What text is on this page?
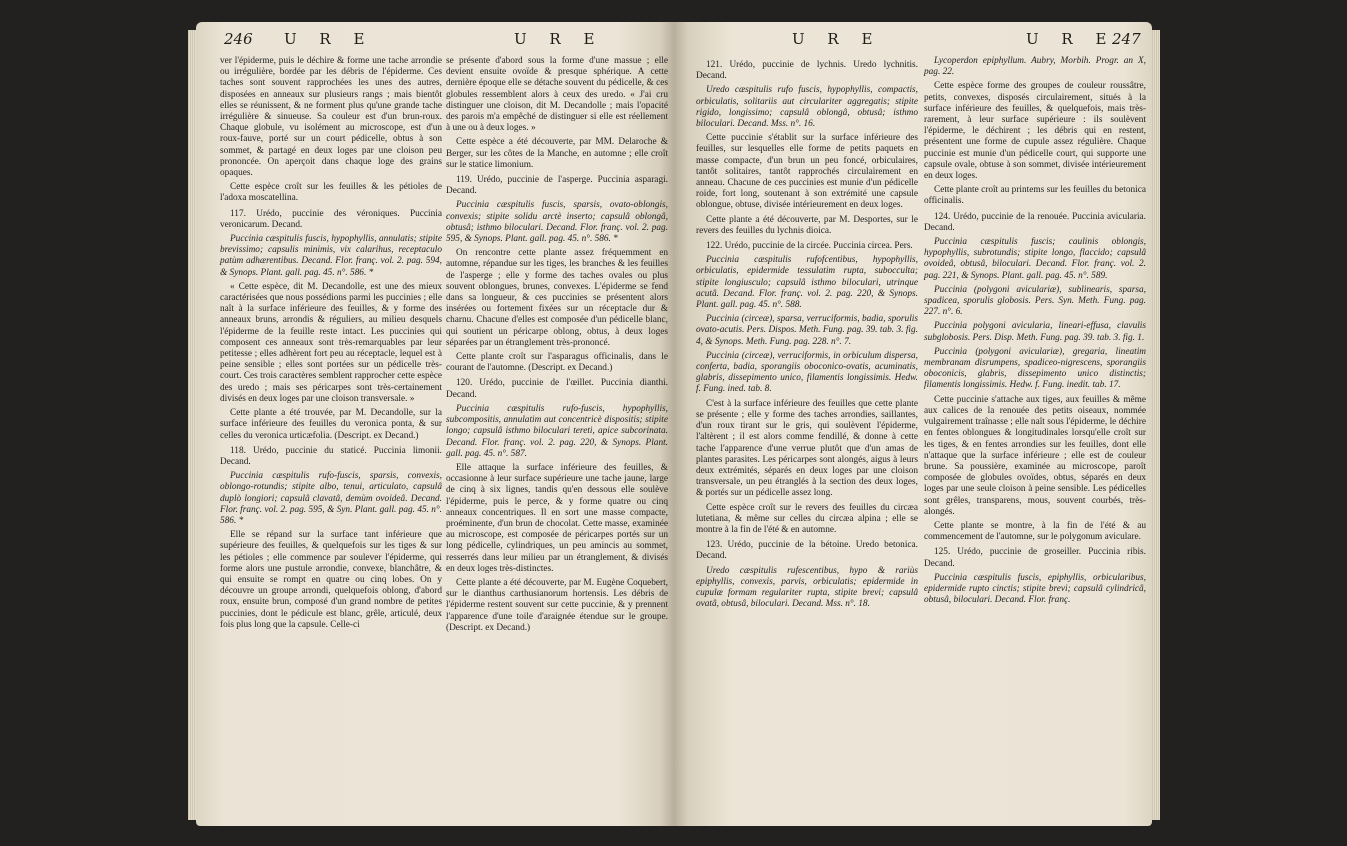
246 U R E	U R E

ver l'épiderme, puis le déchire & forme une tache arrondie ou irrégulière, bordée par les débris de l'épiderme. Ces taches sont souvent rapprochées les unes des autres, disposées en anneaux sur plusieurs rangs ; mais bientôt elles se réunissent, & ne forment plus qu'une grande tache irrégulière & sinueuse. Sa couleur est d'un brun-roux. Chaque globule, vu isolément au microscope, est d'un roux-fauve, porté sur un court pédicelle, obtus à son sommet, & partagé en deux loges par une cloison peu prononcée. On aperçoit dans chaque loge des grains opaques.

Cette espèce croît sur les feuilles & les pétioles de l'adoxa moscatellina.

117. Urédo, puccinie des véroniques. Puccinia veronicarum. Decand.

Puccinia cæspitulis fuscis, hypophyllis, annulatis; stipite brevissimo; capsulis minimis, vix calarihus, receptaculo patùm adhærentibus. Decand. Flor. franç. vol. 2. pag. 594, & Synops. Plant. gall. pag. 45. n°. 586. *

« Cette espèce, dit M. Decandolle, est une des mieux caractérisées que nous possédions parmi les puccinies ; elle naît à la surface inférieure des feuilles, & y forme des anneaux bruns, arrondis & réguliers, au milieu desquels l'épiderme de la feuille reste intact. Les puccinies qui composent ces anneaux sont très-remarquables par leur petitesse ; elles adhèrent fort peu au réceptacle, lequel est à peine sensible ; elles sont portées sur un pédicelle très-court. Ces trois caractères semblent rapprocher cette espèce des uredo ; mais ses péricarpes sont très-certainement divisés en deux loges par une cloison transversale. »

Cette plante a été trouvée, par M. Decandolle, sur la surface inférieure des feuilles du veronica ponta, & sur celles du veronica urticæfolia. (Descript. ex Decand.)

118. Urédo, puccinie du staticé. Puccinia limonii. Decand.

Puccinia cæspitulis rufo-fuscis, sparsis, convexis, oblongo-rotundis; stipite albo, tenui, articulato, capsulâ duplò longiori; capsulâ clavatâ, demùm ovoideâ. Decand. Flor. franç. vol. 2. pag. 595, & Syn. Plant. gall. pag. 45. n°. 586. *

Elle se répand sur la surface tant inférieure que supérieure des feuilles, & quelquefois sur les tiges & sur les pétioles ; elle commence par soulever l'épiderme, qui forme alors une pustule arrondie, convexe, blanchâtre, & qui ensuite se rompt en quatre ou cinq lobes. On y découvre un groupe arrondi, quelquefois oblong, d'abord roux, ensuite brun, composé d'un grand nombre de petites puccinies, dont le pédicule est blanc, grêle, articulé, deux fois plus long que la capsule. Celle-ci

se présente d'abord sous la forme d'une massue ; elle devient ensuite ovoïde & presque sphérique. A cette dernière époque elle se détache souvent du pédicelle, & ces globules ressemblent alors à ceux des uredo. « J'ai cru distinguer une cloison, dit M. Decandolle ; mais l'opacité des parois m'a empêché de distinguer si elle est réellement à une ou à deux loges. »

Cette espèce a été découverte, par MM. Delaroche & Berger, sur les côtes de la Manche, en automne ; elle croît sur le statice limonium.

119. Urédo, puccinie de l'asperge. Puccinia asparagi. Decand.

Puccinia cæspitulis fuscis, sparsis, ovato-oblongis, convexis; stipite solidu arctè inserto; capsulâ oblongâ, obtusâ; isthmo biloculari. Decand. Flor. franç. vol. 2. pag. 595, & Synops. Plant. gall. pag. 45. n°. 586. *

On rencontre cette plante assez fréquemment en automne, répandue sur les tiges, les branches & les feuilles de l'asperge ; elle y forme des taches ovales ou plus souvent oblongues, brunes, convexes. L'épiderme se fend dans sa longueur, & ces puccinies se présentent alors insérées ou fortement fixées sur un réceptacle dur & charnu. Chacune d'elles est composée d'un pédicelle blanc, qui soutient un péricarpe oblong, obtus, à deux loges séparées par un étranglement très-prononcé.

Cette plante croît sur l'asparagus officinalis, dans le courant de l'automne. (Descript. ex Decand.)

120. Urédo, puccinie de l'œillet. Puccinia dianthi. Decand.

Puccinia cæspitulis rufo-fuscis, hypophyllis, subcompositis, annulatim aut concentricè dispositis; stipite longo; capsulâ isthmo biloculari tereti, apice subcorinata. Decand. Flor. franç. vol. 2. pag. 220, & Synops. Plant. gall. pag. 45. n°. 587.

Elle attaque la surface inférieure des feuilles, & occasionne à leur surface supérieure une tache jaune, large de cinq à six lignes, tandis qu'en dessous elle soulève l'épiderme, puis le perce, & y forme quatre ou cinq anneaux concentriques. Il en sort une masse compacte, proéminente, d'un brun de chocolat. Cette masse, examinée au microscope, est composée de péricarpes portés sur un long pédicelle, cylindriques, un peu amincis au sommet, resserrés dans leur milieu par un étranglement, & divisés en deux loges très-distinctes.

Cette plante a été découverte, par M. Eugène Coquebert, sur le dianthus carthusianorum hortensis. Les débris de l'épiderme restent souvent sur cette puccinie, & y prennent l'apparence d'une toile d'araignée étendue sur le groupe. (Descript. ex Decand.)

U R E	U R E
247

121. Urédo, puccinie de lychnis. Uredo lychnitis. Decand.

Uredo cæspitulis rufo fuscis, hypophyllis, compactis, orbiculatis, solitariis aut circulariter aggregatis; stipite rigido, longissimo; capsulâ oblongâ, obtusâ; isthmo biloculari. Decand. Mss. n°. 16.

Cette puccinie s'établit sur la surface inférieure des feuilles, sur lesquelles elle forme de petits paquets en masse compacte, d'un brun un peu foncé, orbiculaires, tantôt solitaires, tantôt rapprochés circulairement en anneau. Chacune de ces puccinies est munie d'un pédicelle roide, fort long, soutenant à son extrémité une capsule oblongue, obtuse, divisée intérieurement en deux loges.

Cette plante a été découverte, par M. Desportes, sur le revers des feuilles du lychnis dioica.

122. Urédo, puccinie de la circée. Puccinia circea. Pers.

Puccinia cæspitulis rufofcentibus, hypophyllis, orbiculatis, epidermide tessulatim rupta, subocculta; stipite longiusculo; capsulâ isthmo biloculari, utrinque acutâ. Decand. Flor. franç. vol. 2. pag. 220, & Synops. Plant. gall. pag. 45. n°. 588.

Puccinia (circeæ), sparsa, verruciformis, badia, sporulis ovato-acutis. Pers. Dispos. Meth. Fung. pag. 39. tab. 3. fig. 4, & Synops. Meth. Fung. pag. 228. n°. 7.

Puccinia (circeæ), verruciformis, in orbiculum dispersa, conferta, badia, sporangiis oboconico-ovatis, acuminatis, glabris, dissepimento unico, filamentis longissimis. Hedw. f. Fung. ined. tab. 8.

C'est à la surface inférieure des feuilles que cette plante se présente ; elle y forme des taches arrondies, saillantes, d'un roux tirant sur le gris, qui soulèvent l'épiderme, l'altèrent ; il est alors comme fendillé, & donne à cette tache l'apparence d'une verrue plutôt que d'un amas de plantes parasites. Les péricarpes sont alongés, aigus à leurs deux extrémités, séparés en deux loges par une cloison transversale, un peu étranglés à la section des deux loges, & portés sur un pédicelle assez long.

Cette espèce croît sur le revers des feuilles du circæa lutetiana, & même sur celles du circæa alpina ; elle se montre à la fin de l'été & en automne.

123. Urédo, puccinie de la bétoine. Uredo betonica. Decand.

Uredo cæspitulis rufescentibus, hypo & rariùs epiphyllis, convexis, parvis, orbiculatis; epidermide in cupulæ formam regulariter rupta, stipite brevi; capsulâ ovatâ, obtusâ, biloculari. Decand. Mss. n°. 18.

Lycoperdon epiphyllum. Aubry, Morbih. Progr. an X, pag. 22.

Cette espèce forme des groupes de couleur roussâtre, petits, convexes, disposés circulairement, situés à la surface inférieure des feuilles, & quelquefois, mais très-rarement, à leur surface supérieure : ils soulèvent l'épiderme, le déchirent ; les débris qui en restent, présentent une forme de cupule assez régulière. Chaque puccinie est munie d'un pédicelle court, qui supporte une capsule ovale, obtuse à son sommet, divisée intérieurement en deux loges.

Cette plante croît au printems sur les feuilles du betonica officinalis.

124. Urédo, puccinie de la renouée. Puccinia avicularia. Decand.

Puccinia cæspitulis fuscis; caulinis oblongis, hypophyllis, subrotundis; stipite longo, flaccido; capsulâ ovoideâ, obtusâ, biloculari. Decand. Flor. franç. vol. 2. pag. 221, & Synops. Plant. gall. pag. 45. n°. 589.

Puccinia (polygoni aviculariæ), sublinearis, sparsa, spadicea, sporulis globosis. Pers. Syn. Meth. Fung. pag. 227. n°. 6.

Puccinia polygoni avicularia, lineari-effusa, clavulis subglobosis. Pers. Disp. Meth. Fung. pag. 39. tab. 3. fig. 1.

Puccinia (polygoni aviculariæ), gregaria, lineatim membranam disrumpens, spadiceo-nigrescens, sporangiis oboconicis, glabris, dissepimento unico distinctis; filamentis longissimis. Hedw. f. Fung. inedit. tab. 17.

Cette puccinie s'attache aux tiges, aux feuilles & même aux calices de la renouée des petits oiseaux, nommée vulgairement traînasse ; elle naît sous l'épiderme, le déchire en fentes oblongues & longitudinales lorsqu'elle croît sur les tiges, & en fentes arrondies sur les feuilles, dont elle n'attaque que la surface inférieure ; elle est de couleur brune. Sa poussière, examinée au microscope, paroît composée de globules ovoïdes, obtus, séparés en deux loges par une seule cloison à peine sensible. Les pédicelles sont grêles, transparens, mous, souvent courbés, très-alongés.

Cette plante se montre, à la fin de l'été & au commencement de l'automne, sur le polygonum aviculare.

125. Urédo, puccinie de groseiller. Puccinia ribis. Decand.

Puccinia cæspitulis fuscis, epiphyllis, orbicularibus, epidermide rupto cinctis; stipite brevi; capsulâ cylindricâ, obtusâ, biloculari. Decand. Flor. franç.
